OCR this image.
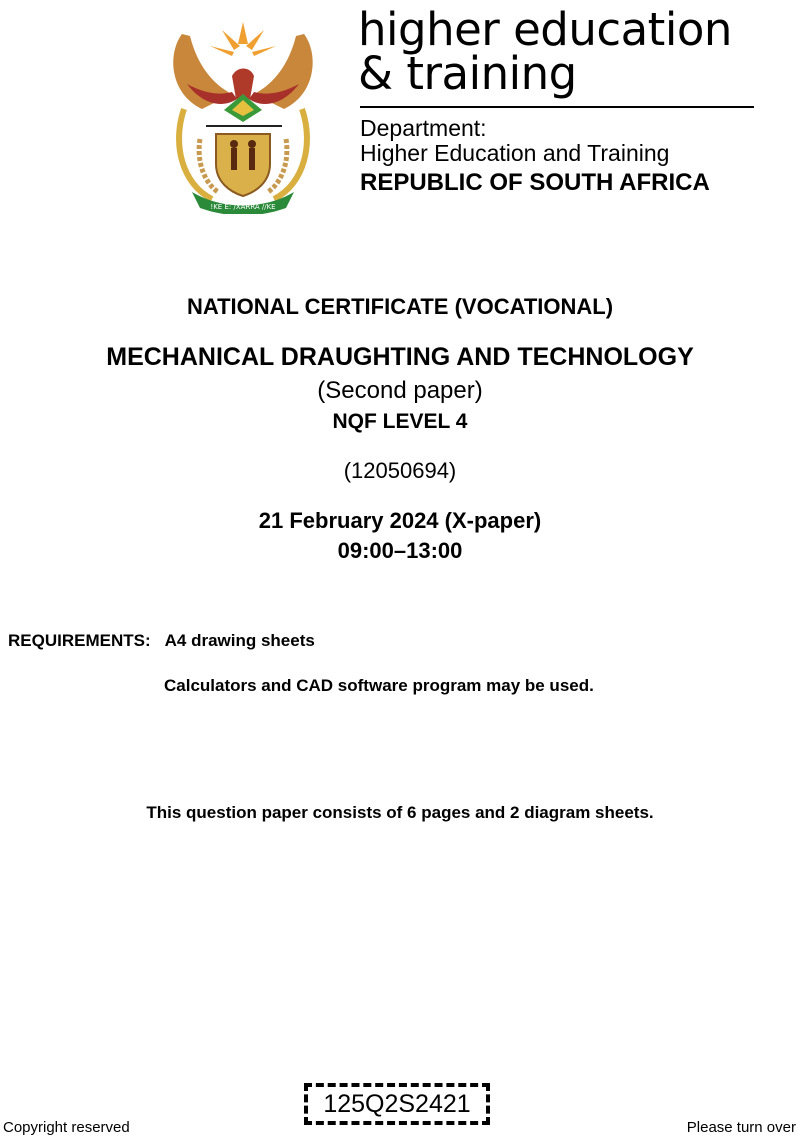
!KE E: /XARRA //KE
higher education
& training
Department:
Higher Education and Training
REPUBLIC OF SOUTH AFRICA
NATIONAL CERTIFICATE (VOCATIONAL)
MECHANICAL DRAUGHTING AND TECHNOLOGY
(Second paper)
NQF LEVEL 4
(12050694)
21 February 2024 (X-paper)
09:00–13:00
REQUIREMENTS: A4 drawing sheets
Calculators and CAD software program may be used.
This question paper consists of 6 pages and 2 diagram sheets.
Copyright reserved
125Q2S2421
Please turn over
